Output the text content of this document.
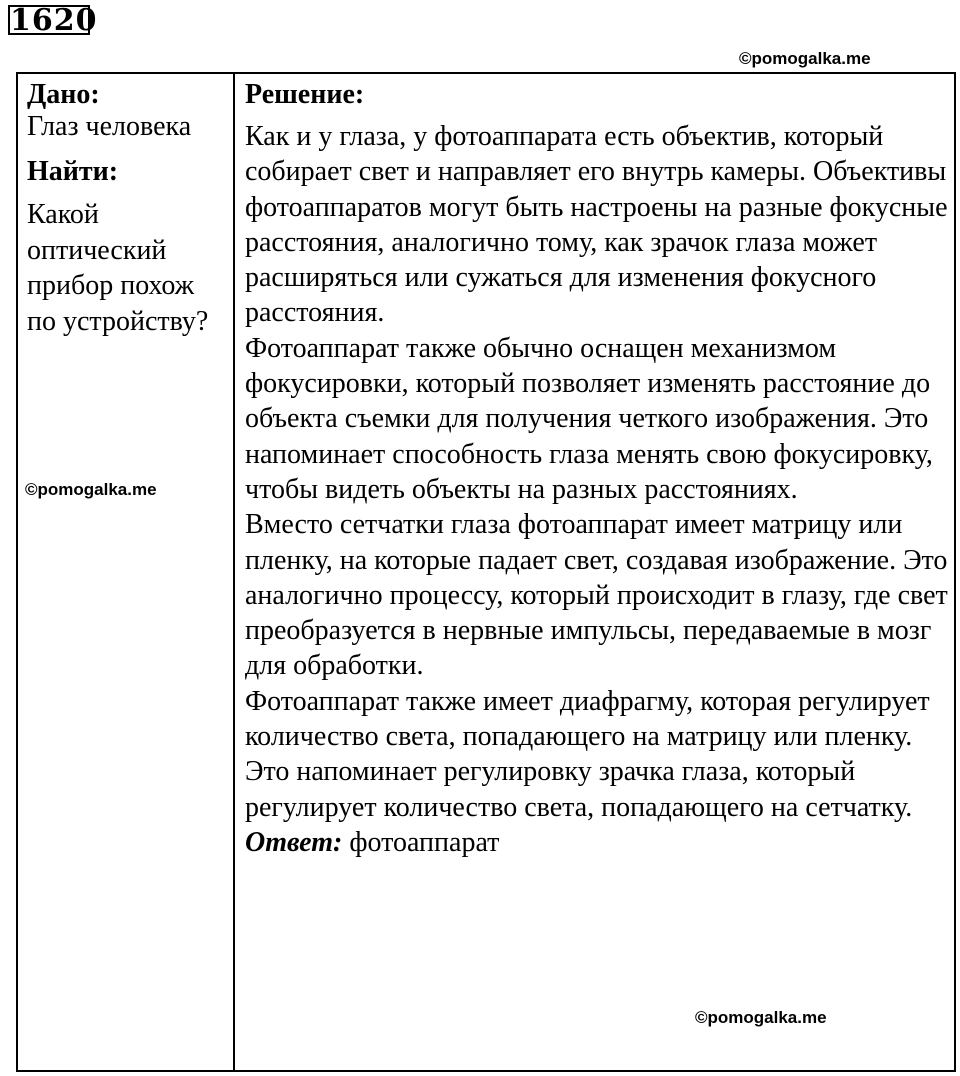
1620
©pomogalka.me

Дано:

Глаз человека

Найти:

Какой оптический прибор похож по устройству?
©pomogalka.me

Решение:

Как и у глаза, у фотоаппарата есть объектив, который собирает свет и направляет его внутрь камеры. Объективы фотоаппаратов могут быть настроены на разные фокусные расстояния, аналогично тому, как зрачок глаза может расширяться или сужаться для изменения фокусного расстояния.

Фотоаппарат также обычно оснащен механизмом фокусировки, который позволяет изменять расстояние до объекта съемки для получения четкого изображения. Это напоминает способность глаза менять свою фокусировку, чтобы видеть объекты на разных расстояниях.

Вместо сетчатки глаза фотоаппарат имеет матрицу или пленку, на которые падает свет, создавая изображение. Это аналогично процессу, который происходит в глазу, где свет преобразуется в нервные импульсы, передаваемые в мозг для обработки.

Фотоаппарат также имеет диафрагму, которая регулирует количество света, попадающего на матрицу или пленку. Это напоминает регулировку зрачка глаза, который регулирует количество света, попадающего на сетчатку.

Ответ: фотоаппарат

©pomogalka.me
